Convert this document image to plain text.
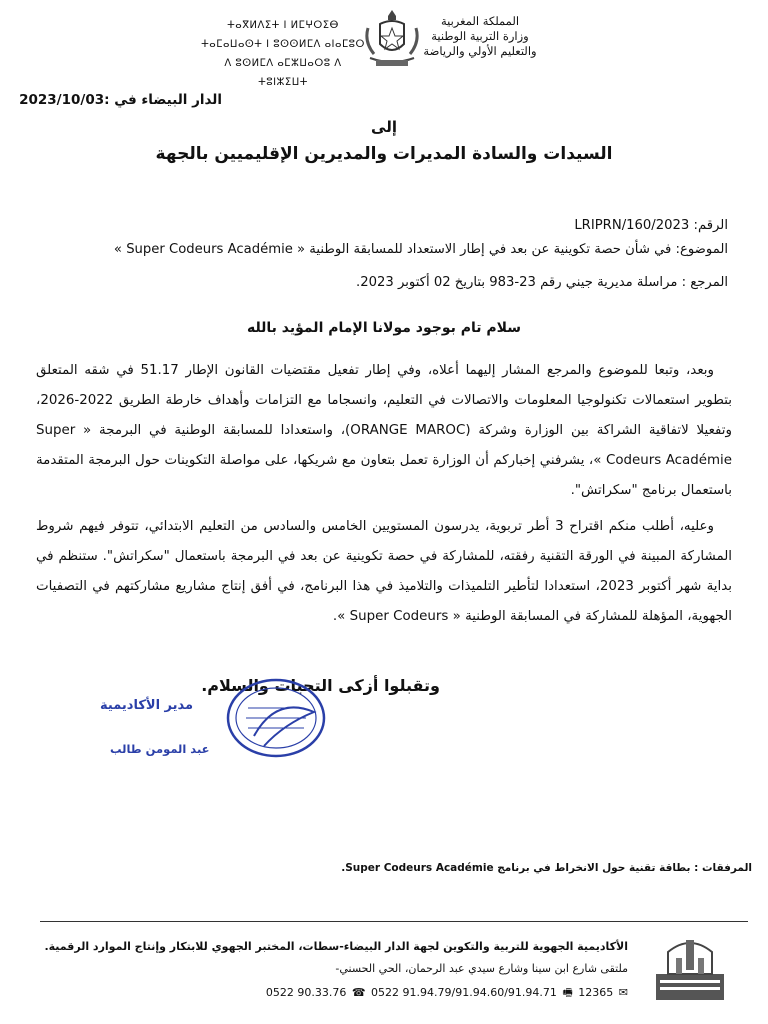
المملكة المغربية
وزارة التربية الوطنية
والتعليم الأولي والرياضة
ⵜⴰⴳⵍⴷⵉⵜ ⵏ ⵍⵎⵖⵔⵉⴱ
ⵜⴰⵎⴰⵡⴰⵙⵜ ⵏ ⵓⵙⵙⵍⵎⴷ ⴰⵏⴰⵎⵓⵔ
ⴷ ⵓⵙⵍⵎⴷ ⴰⵎⵣⵡⴰⵔⵓ ⴷ ⵜⵓⵏⵣⵉⵡⵜ
الدار البيضاء في :2023/10/03
إلى
السيدات والسادة المديرات والمديرين الإقليميين بالجهة
الرقم: LRIPRN/160/2023
الموضوع: في شأن حصة تكوينية عن بعد في إطار الاستعداد للمسابقة الوطنية « Super Codeurs Académie »
المرجع : مراسلة مديرية جيني رقم 23-983 بتاريخ 02 أكتوبر 2023.
سلام تام بوجود مولانا الإمام المؤيد بالله

وبعد، وتبعا للموضوع والمرجع المشار إليهما أعلاه، وفي إطار تفعيل مقتضيات القانون الإطار 51.17 في شقه المتعلق بتطوير استعمالات تكنولوجيا المعلومات والاتصالات في التعليم، وانسجاما مع التزامات وأهداف خارطة الطريق 2022-2026، وتفعيلا لاتفاقية الشراكة بين الوزارة وشركة (ORANGE MAROC)، واستعدادا للمسابقة الوطنية في البرمجة « Super Codeurs Académie »، يشرفني إخباركم أن الوزارة تعمل بتعاون مع شريكها، على مواصلة التكوينات حول البرمجة المتقدمة باستعمال برنامج "سكراتش".

وعليه، أطلب منكم اقتراح 3 أطر تربوية، يدرسون المستويين الخامس والسادس من التعليم الابتدائي، تتوفر فيهم شروط المشاركة المبينة في الورقة التقنية رفقته، للمشاركة في حصة تكوينية عن بعد في البرمجة باستعمال "سكراتش". ستنظم في بداية شهر أكتوبر 2023، استعدادا لتأطير التلميذات والتلاميذ في هذا البرنامج، في أفق إنتاج مشاريع مشاركتهم في التصفيات الجهوية، المؤهلة للمشاركة في المسابقة الوطنية « Super Codeurs ».

وتقبلوا أزكى التحيات والسلام.
مدير الأكاديمية
عبد المومن طالب
المرفقات : بطاقة تقنية حول الانخراط في برنامج Super Codeurs Académie.
الأكاديمية الجهوية للتربية والتكوين لجهة الدار البيضاء-سطات، المختبر الجهوي للابتكار وإنتاج الموارد الرقمية.
ملتقى شارع ابن سينا وشارع سيدي عبد الرحمان، الحي الحسني-
0522 90.33.76 ☎ 0522 91.94.79/91.94.60/91.94.71 🖷 12365 ✉
